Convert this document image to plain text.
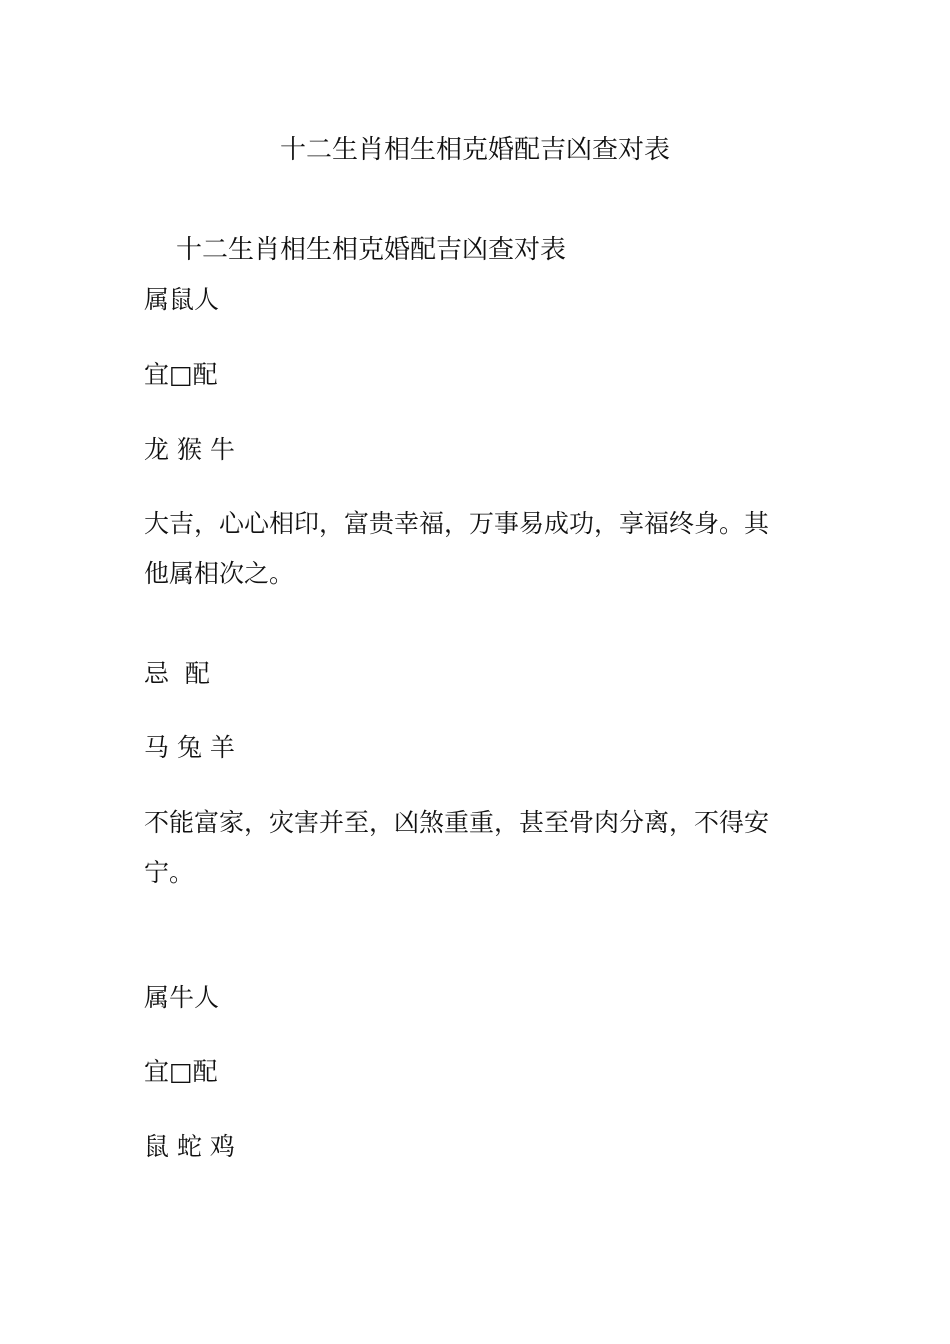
十二生肖相生相克婚配吉凶查对表
十二生肖相生相克婚配吉凶查对表
属鼠人
宜□配
龙 猴 牛
大吉，心心相印，富贵幸福，万事易成功，享福终身。其他属相次之。
忌  配
马 兔 羊
不能富家，灾害并至，凶煞重重，甚至骨肉分离，不得安宁。
属牛人
宜□配
鼠 蛇 鸡
